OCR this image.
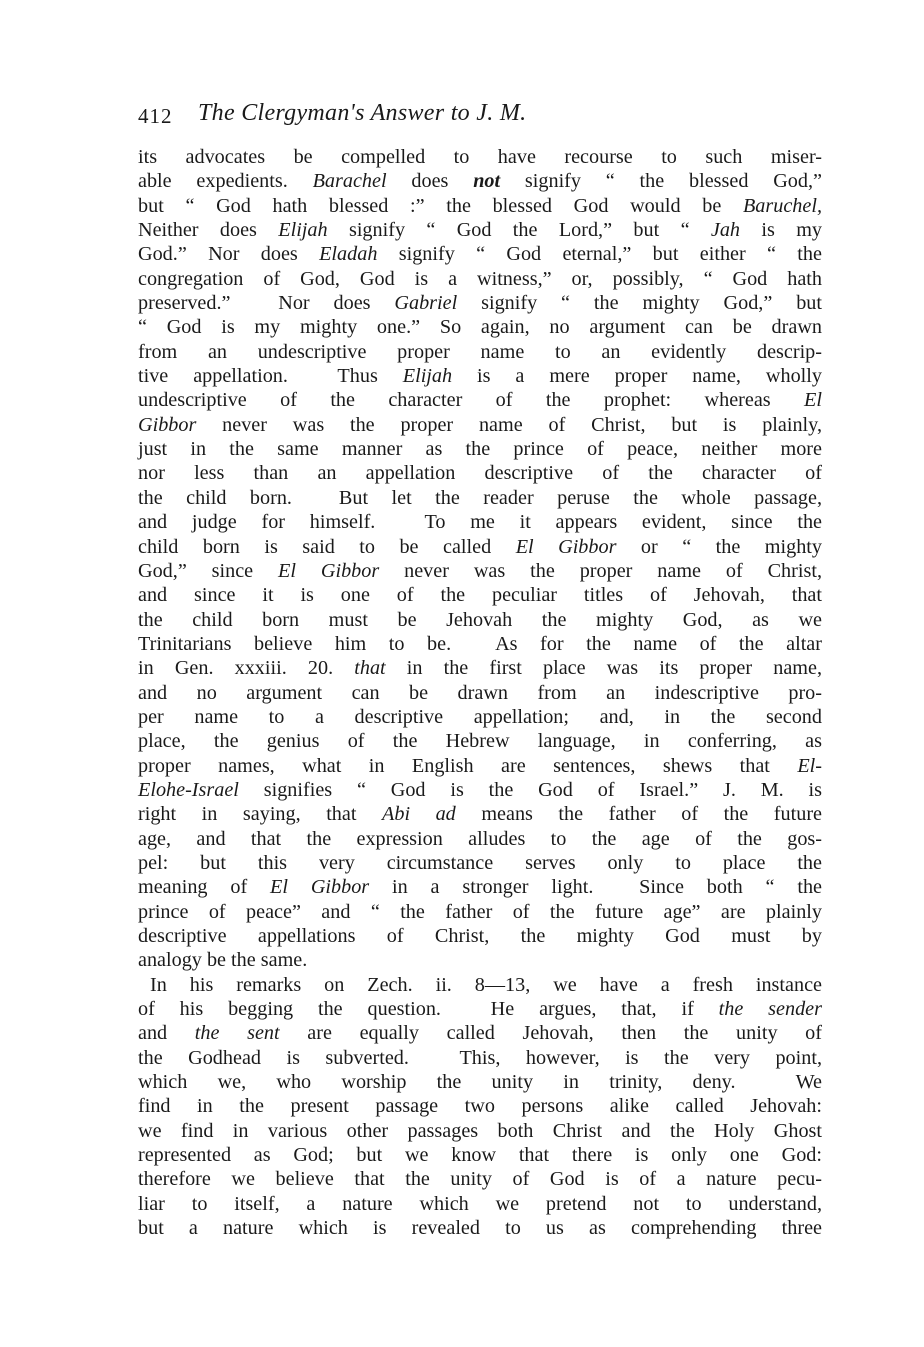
412 The Clergyman's Answer to J. M.
its advocates be compelled to have recourse to such miser-
able expedients. Barachel does not signify “ the blessed God,”
but “ God hath blessed :” the blessed God would be Baruchel,
Neither does Elijah signify “ God the Lord,” but “ Jah is my
God.” Nor does Eladah signify “ God eternal,” but either “ the
congregation of God, God is a witness,” or, possibly, “ God hath
preserved.”  Nor does Gabriel signify “ the mighty God,” but
“ God is my mighty one.” So again, no argument can be drawn
from an undescriptive proper name to an evidently descrip-
tive appellation.  Thus Elijah is a mere proper name, wholly
undescriptive of the character of the prophet: whereas El
Gibbor never was the proper name of Christ, but is plainly,
just in the same manner as the prince of peace, neither more
nor less than an appellation descriptive of the character of
the child born.  But let the reader peruse the whole passage,
and judge for himself.  To me it appears evident, since the
child born is said to be called El Gibbor or “ the mighty
God,” since El Gibbor never was the proper name of Christ,
and since it is one of the peculiar titles of Jehovah, that
the child born must be Jehovah the mighty God, as we
Trinitarians believe him to be.  As for the name of the altar
in Gen. xxxiii. 20. that in the first place was its proper name,
and no argument can be drawn from an indescriptive pro-
per name to a descriptive appellation; and, in the second
place, the genius of the Hebrew language, in conferring, as
proper names, what in English are sentences, shews that El-
Elohe-Israel signifies “ God is the God of Israel.” J. M. is
right in saying, that Abi ad means the father of the future
age, and that the expression alludes to the age of the gos-
pel: but this very circumstance serves only to place the
meaning of El Gibbor in a stronger light.  Since both “ the
prince of peace” and “ the father of the future age” are plainly
descriptive appellations of Christ, the mighty God must by
analogy be the same.
In his remarks on Zech. ii. 8—13, we have a fresh instance
of his begging the question.  He argues, that, if the sender
and the sent are equally called Jehovah, then the unity of
the Godhead is subverted.  This, however, is the very point,
which we, who worship the unity in trinity, deny.  We
find in the present passage two persons alike called Jehovah:
we find in various other passages both Christ and the Holy Ghost
represented as God; but we know that there is only one God:
therefore we believe that the unity of God is of a nature pecu-
liar to itself, a nature which we pretend not to understand,
but a nature which is revealed to us as comprehending three
